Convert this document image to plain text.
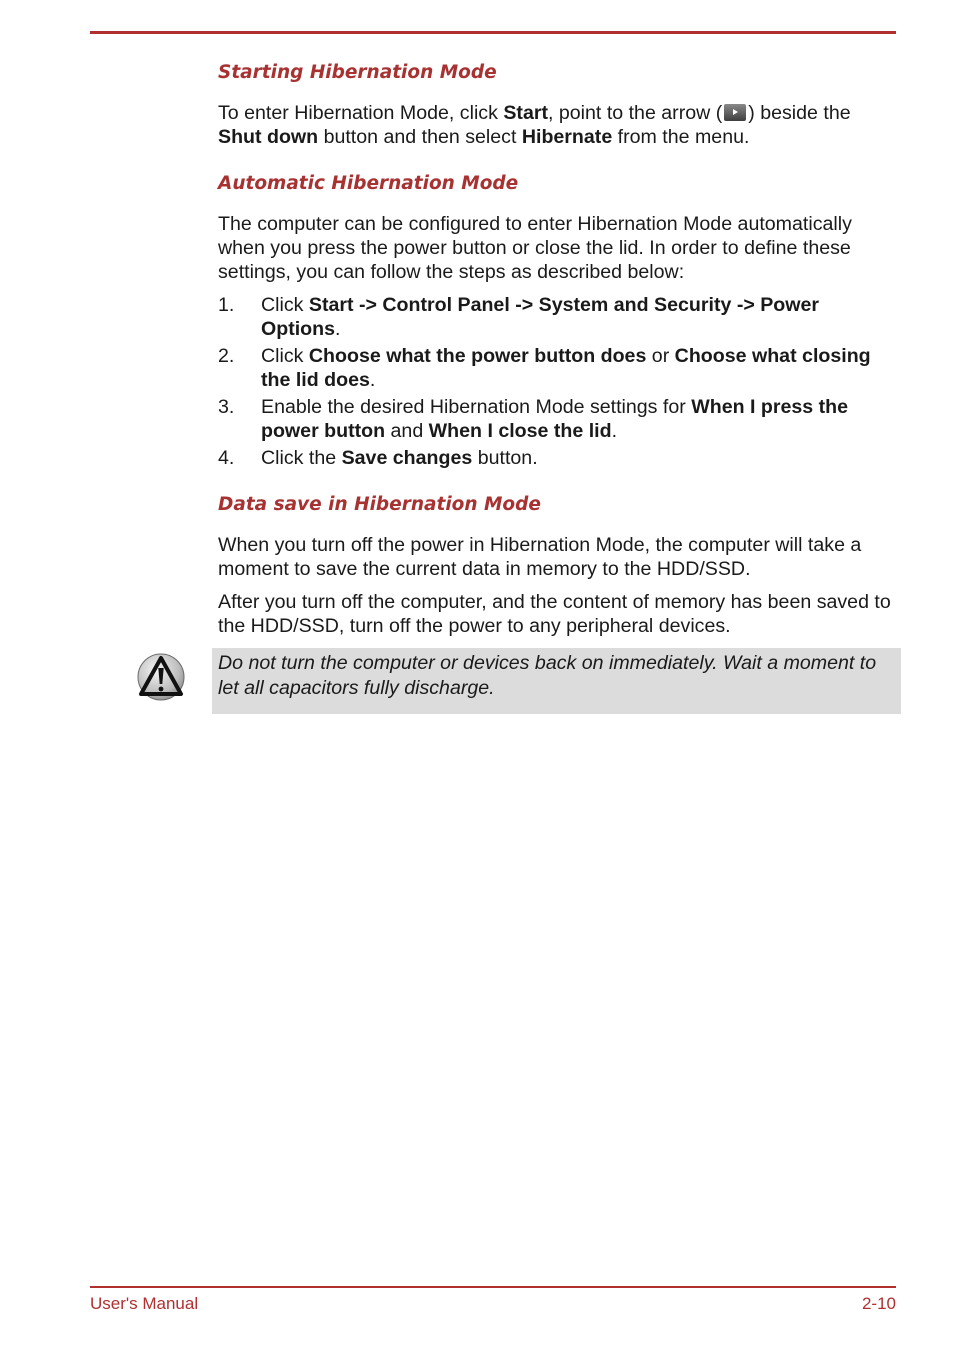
Starting Hibernation Mode

To enter Hibernation Mode, click Start, point to the arrow ( ) beside the Shut down button and then select Hibernate from the menu.

Automatic Hibernation Mode

The computer can be configured to enter Hibernation Mode automatically when you press the power button or close the lid. In order to define these settings, you can follow the steps as described below:

1. Click Start -> Control Panel -> System and Security -> Power Options.
2. Click Choose what the power button does or Choose what closing the lid does.
3. Enable the desired Hibernation Mode settings for When I press the power button and When I close the lid.
4. Click the Save changes button.
Data save in Hibernation Mode

When you turn off the power in Hibernation Mode, the computer will take a moment to save the current data in memory to the HDD/SSD.

After you turn off the computer, and the content of memory has been saved to the HDD/SSD, turn off the power to any peripheral devices.

Do not turn the computer or devices back on immediately. Wait a moment to let all capacitors fully discharge.

User's Manual	2-10
